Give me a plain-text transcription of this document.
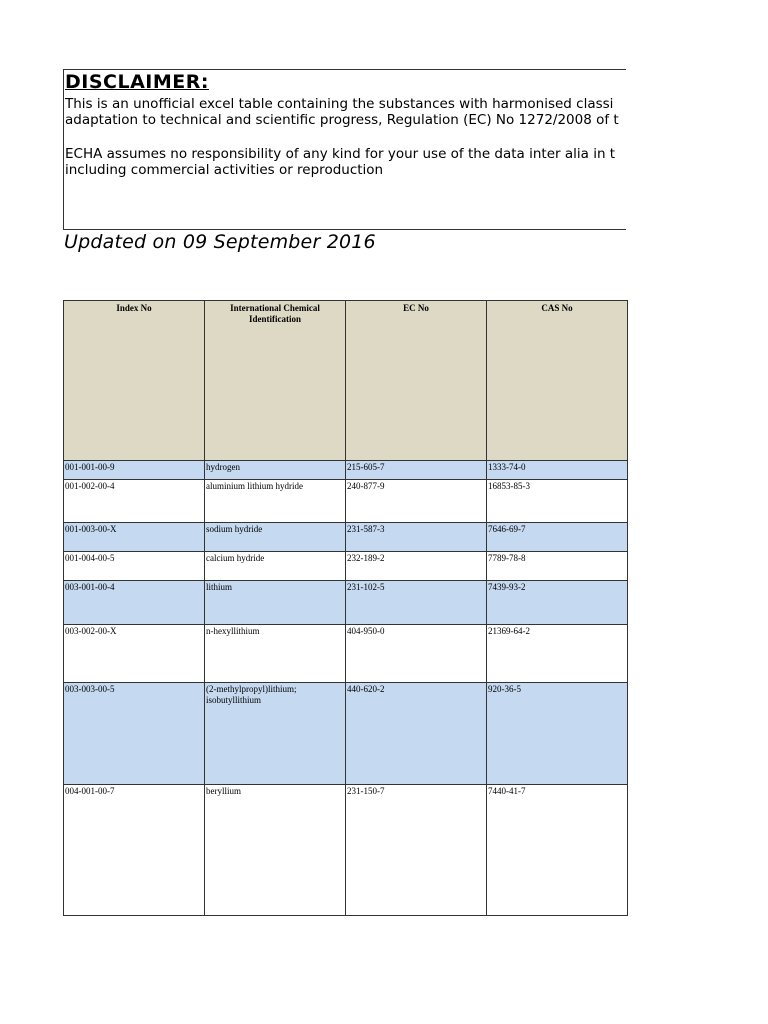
DISCLAIMER:
This is an unofficial excel table containing the substances with harmonised classi
adaptation to technical and scientific progress, Regulation (EC) No 1272/2008 of t
ECHA assumes no responsibility of any kind for your use of the data inter alia in t
including commercial activities or reproduction
Updated on 09 September 2016
Index No	International Chemical Identification	EC No	CAS No
001-001-00-9	hydrogen	215-605-7	1333-74-0
001-002-00-4	aluminium lithium hydride	240-877-9	16853-85-3
001-003-00-X	sodium hydride	231-587-3	7646-69-7
001-004-00-5	calcium hydride	232-189-2	7789-78-8
003-001-00-4	lithium	231-102-5	7439-93-2
003-002-00-X	n-hexyllithium	404-950-0	21369-64-2
003-003-00-5	(2-methylpropyl)lithium; isobutyllithium	440-620-2	920-36-5
004-001-00-7	beryllium	231-150-7	7440-41-7
